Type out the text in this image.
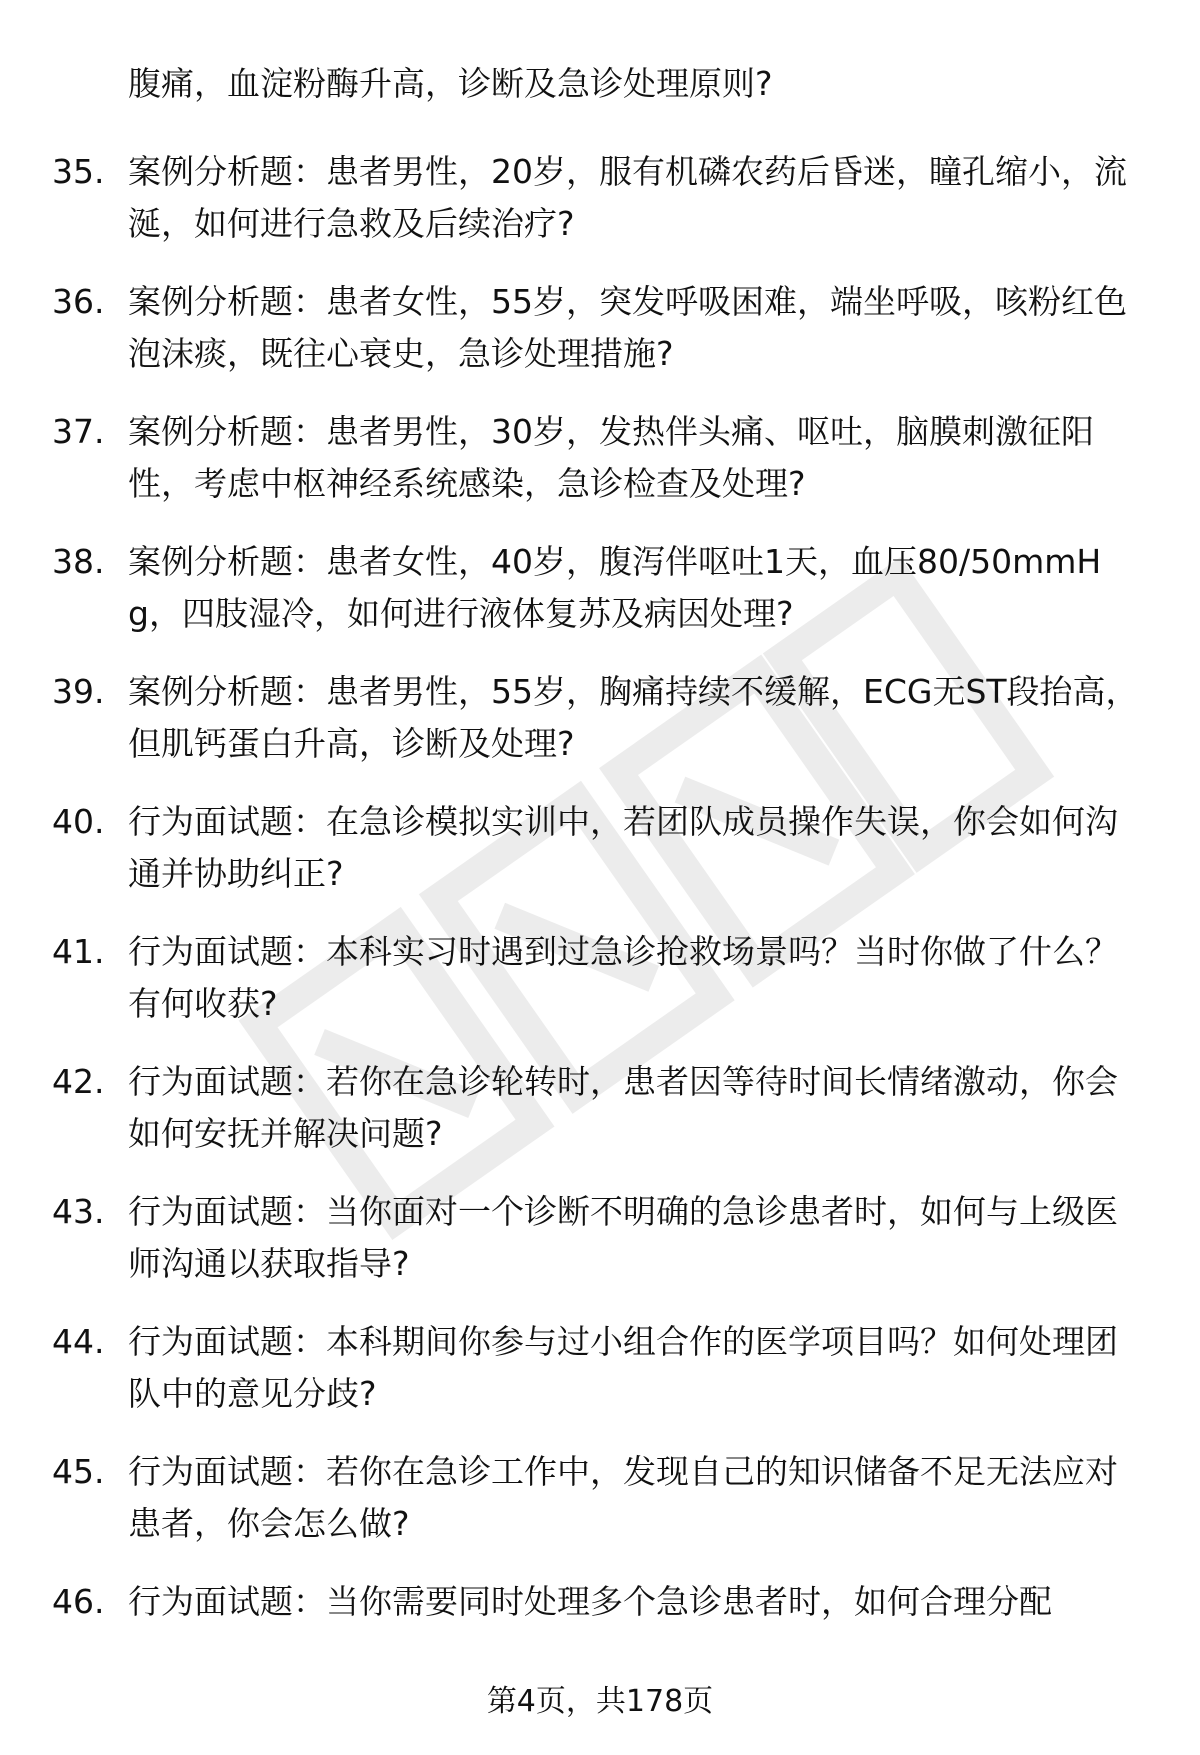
腹痛，血淀粉酶升高，诊断及急诊处理原则?
35. 案例分析题：患者男性，20岁，服有机磷农药后昏迷，瞳孔缩小，流涎，如何进行急救及后续治疗?
36. 案例分析题：患者女性，55岁，突发呼吸困难，端坐呼吸，咳粉红色泡沫痰，既往心衰史，急诊处理措施?
37. 案例分析题：患者男性，30岁，发热伴头痛、呕吐，脑膜刺激征阳性，考虑中枢神经系统感染，急诊检查及处理?
38. 案例分析题：患者女性，40岁，腹泻伴呕吐1天，血压80/50mmHg，四肢湿冷，如何进行液体复苏及病因处理?
39. 案例分析题：患者男性，55岁，胸痛持续不缓解，ECG无ST段抬高，但肌钙蛋白升高，诊断及处理?
40. 行为面试题：在急诊模拟实训中，若团队成员操作失误，你会如何沟通并协助纠正?
41. 行为面试题：本科实习时遇到过急诊抢救场景吗？当时你做了什么？有何收获?
42. 行为面试题：若你在急诊轮转时，患者因等待时间长情绪激动，你会如何安抚并解决问题?
43. 行为面试题：当你面对一个诊断不明确的急诊患者时，如何与上级医师沟通以获取指导?
44. 行为面试题：本科期间你参与过小组合作的医学项目吗？如何处理团队中的意见分歧?
45. 行为面试题：若你在急诊工作中，发现自己的知识储备不足无法应对患者，你会怎么做?
46. 行为面试题：当你需要同时处理多个急诊患者时，如何合理分配
第4页，共178页
